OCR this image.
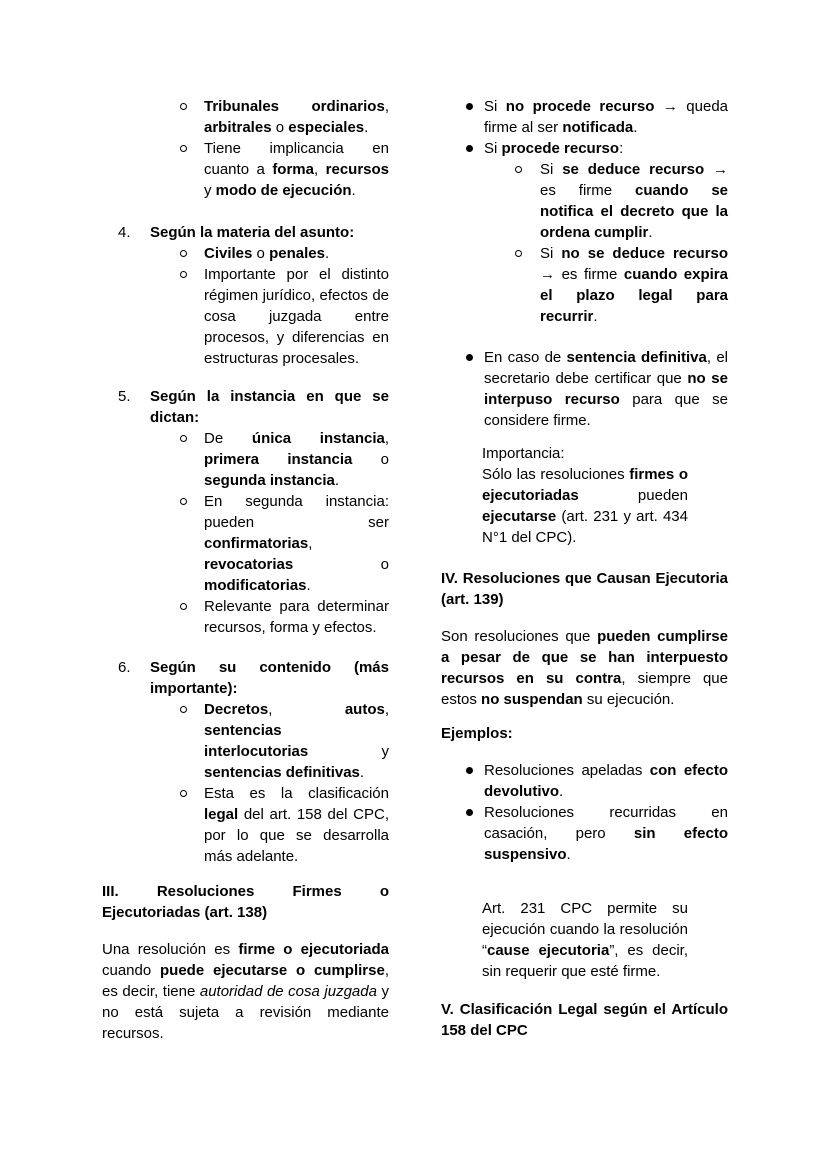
Tribunales ordinarios, arbitrales o especiales.
Tiene implicancia en cuanto a forma, recursos y modo de ejecución.
4.	Según la materia del asunto:
Civiles o penales.
Importante por el distinto régimen jurídico, efectos de cosa juzgada entre procesos, y diferencias en estructuras procesales.
5.	Según la instancia en que se dictan:
De única instancia, primera instancia o segunda instancia.
En segunda instancia: pueden ser confirmatorias, revocatorias o modificatorias.
Relevante para determinar recursos, forma y efectos.
6.	Según su contenido (más importante):
Decretos, autos, sentencias interlocutorias y sentencias definitivas.
Esta es la clasificación legal del art. 158 del CPC, por lo que se desarrolla más adelante.
III. Resoluciones Firmes o Ejecutoriadas (art. 138)
Una resolución es firme o ejecutoriada cuando puede ejecutarse o cumplirse, es decir, tiene autoridad de cosa juzgada y no está sujeta a revisión mediante recursos.
Si no procede recurso → queda firme al ser notificada.
Si procede recurso:
Si se deduce recurso → es firme cuando se notifica el decreto que la ordena cumplir.
Si no se deduce recurso → es firme cuando expira el plazo legal para recurrir.
En caso de sentencia definitiva, el secretario debe certificar que no se interpuso recurso para que se considere firme.
Importancia:
Sólo las resoluciones firmes o ejecutoriadas pueden ejecutarse (art. 231 y art. 434 N°1 del CPC).
IV. Resoluciones que Causan Ejecutoria (art. 139)
Son resoluciones que pueden cumplirse a pesar de que se han interpuesto recursos en su contra, siempre que estos no suspendan su ejecución.
Ejemplos:
Resoluciones apeladas con efecto devolutivo.
Resoluciones recurridas en casación, pero sin efecto suspensivo.
Art. 231 CPC permite su ejecución cuando la resolución “cause ejecutoria”, es decir, sin requerir que esté firme.
V. Clasificación Legal según el Artículo 158 del CPC
